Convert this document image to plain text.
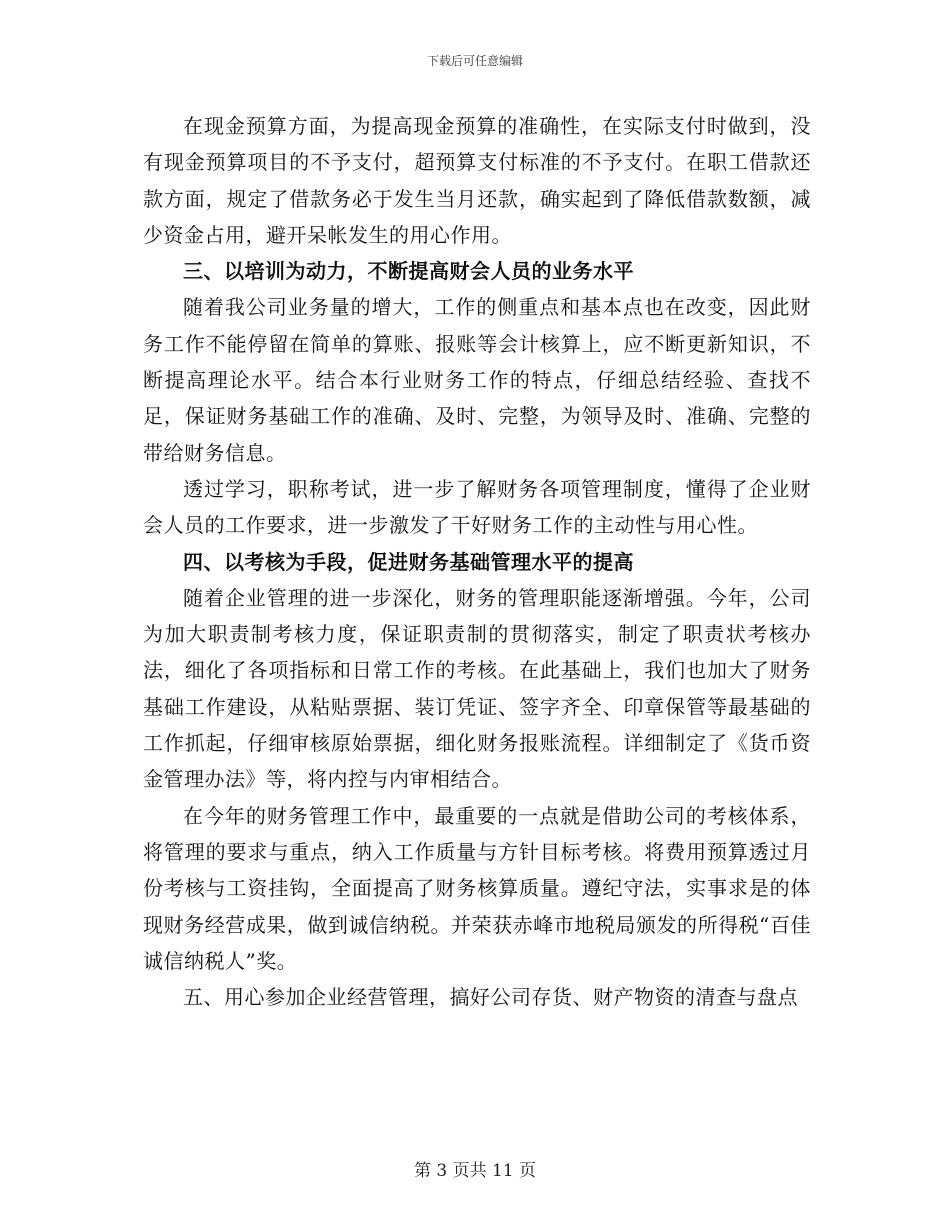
下载后可任意编辑

在现金预算方面，为提高现金预算的准确性，在实际支付时做到，没有现金预算项目的不予支付，超预算支付标准的不予支付。在职工借款还款方面，规定了借款务必于发生当月还款，确实起到了降低借款数额，减少资金占用，避开呆帐发生的用心作用。

三、以培训为动力，不断提高财会人员的业务水平

随着我公司业务量的增大，工作的侧重点和基本点也在改变，因此财务工作不能停留在简单的算账、报账等会计核算上，应不断更新知识，不断提高理论水平。结合本行业财务工作的特点，仔细总结经验、查找不足，保证财务基础工作的准确、及时、完整，为领导及时、准确、完整的带给财务信息。

透过学习，职称考试，进一步了解财务各项管理制度，懂得了企业财会人员的工作要求，进一步激发了干好财务工作的主动性与用心性。

四、以考核为手段，促进财务基础管理水平的提高

随着企业管理的进一步深化，财务的管理职能逐渐增强。今年，公司为加大职责制考核力度，保证职责制的贯彻落实，制定了职责状考核办法，细化了各项指标和日常工作的考核。在此基础上，我们也加大了财务基础工作建设，从粘贴票据、装订凭证、签字齐全、印章保管等最基础的工作抓起，仔细审核原始票据，细化财务报账流程。详细制定了《货币资金管理办法》等，将内控与内审相结合。

在今年的财务管理工作中，最重要的一点就是借助公司的考核体系，将管理的要求与重点，纳入工作质量与方针目标考核。将费用预算透过月份考核与工资挂钩，全面提高了财务核算质量。遵纪守法，实事求是的体现财务经营成果，做到诚信纳税。并荣获赤峰市地税局颁发的所得税“百佳诚信纳税人”奖。

五、用心参加企业经营管理，搞好公司存货、财产物资的清查与盘点

第 3 页共 11 页
